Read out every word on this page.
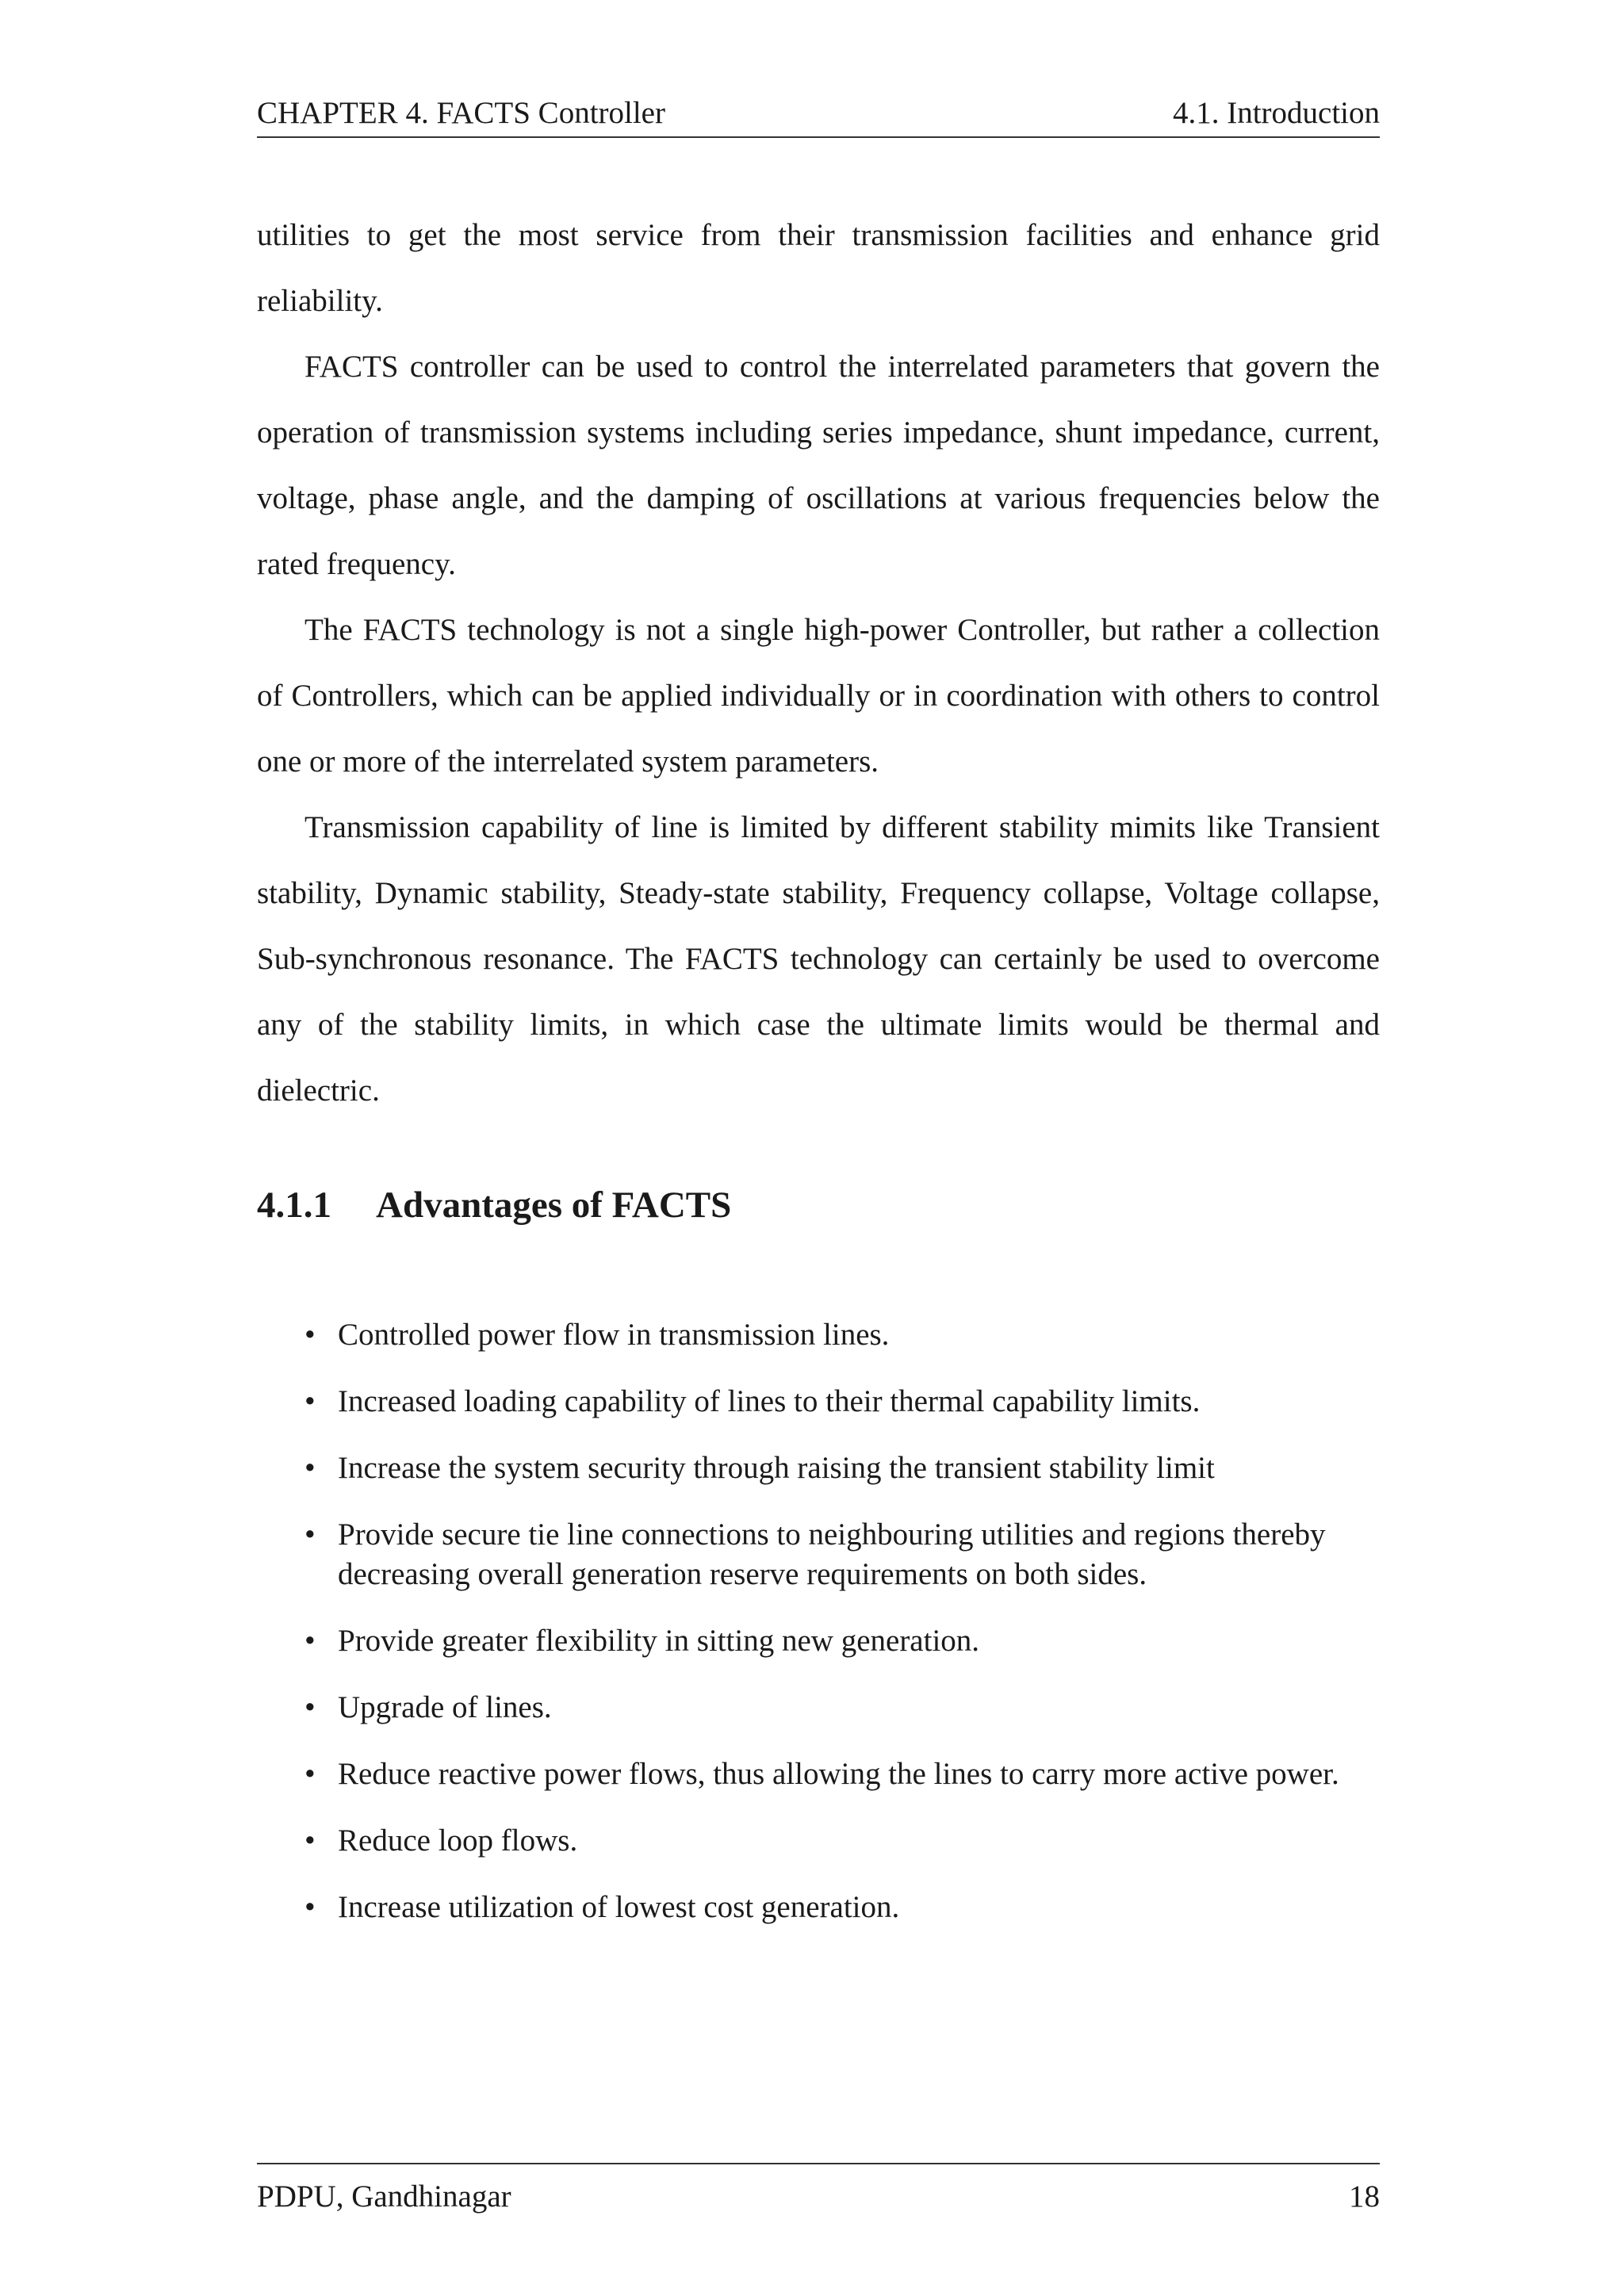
CHAPTER 4. FACTS Controller	4.1. Introduction

utilities to get the most service from their transmission facilities and enhance grid reliability.

FACTS controller can be used to control the interrelated parameters that govern the operation of transmission systems including series impedance, shunt impedance, current, voltage, phase angle, and the damping of oscillations at various frequencies below the rated frequency.

The FACTS technology is not a single high-power Controller, but rather a collection of Controllers, which can be applied individually or in coordination with others to control one or more of the interrelated system parameters.

Transmission capability of line is limited by different stability mimits like Transient stability, Dynamic stability, Steady-state stability, Frequency collapse, Voltage collapse, Sub-synchronous resonance. The FACTS technology can certainly be used to overcome any of the stability limits, in which case the ultimate limits would be thermal and dielectric.

4.1.1 Advantages of FACTS
• Controlled power flow in transmission lines.
• Increased loading capability of lines to their thermal capability limits.
• Increase the system security through raising the transient stability limit
• Provide secure tie line connections to neighbouring utilities and regions thereby decreasing overall generation reserve requirements on both sides.
• Provide greater flexibility in sitting new generation.
• Upgrade of lines.
• Reduce reactive power flows, thus allowing the lines to carry more active power.
• Reduce loop flows.
• Increase utilization of lowest cost generation.
PDPU, Gandhinagar	18
